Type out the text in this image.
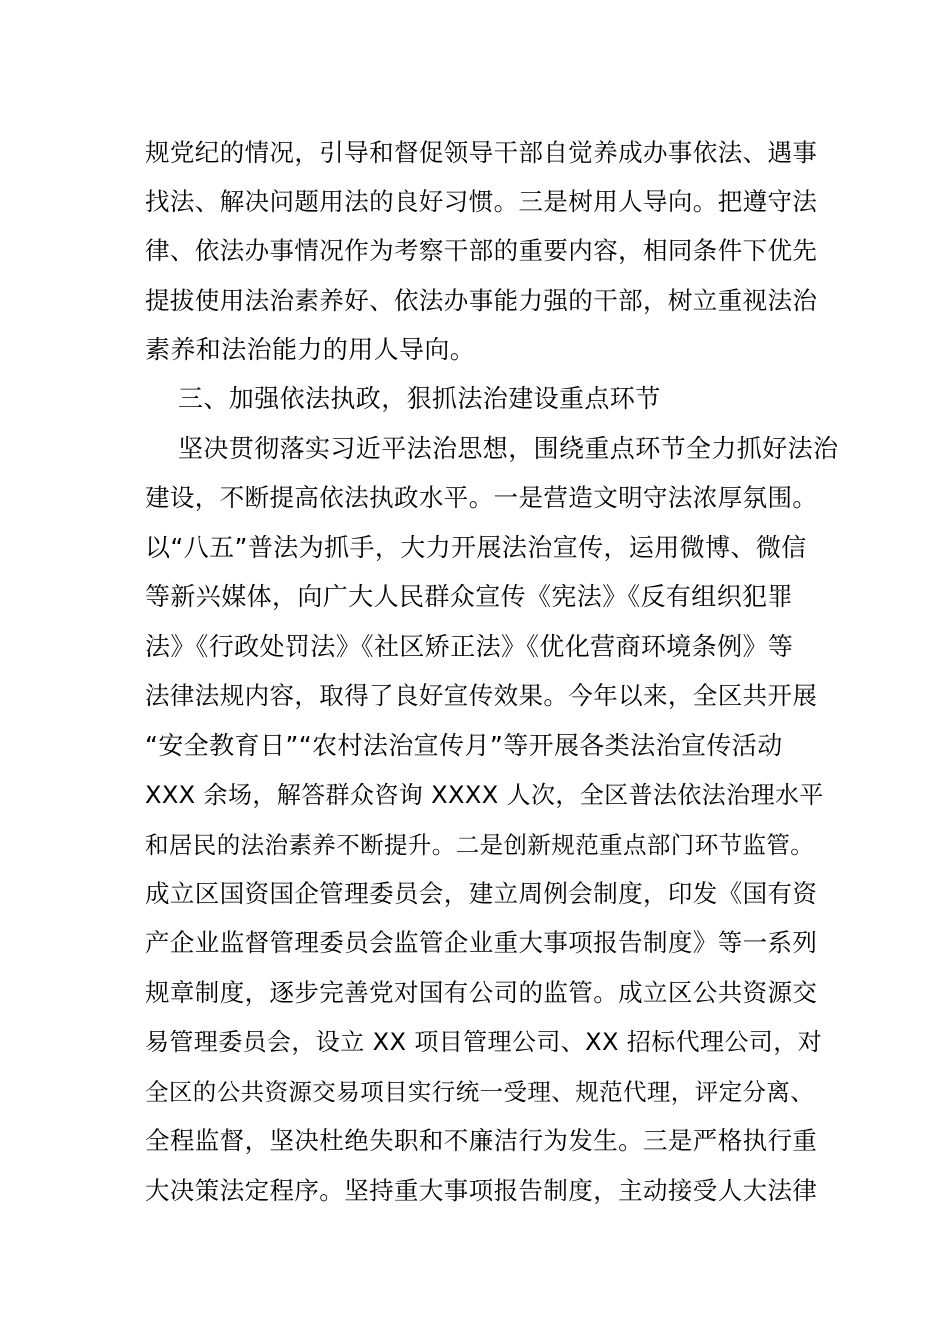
规党纪的情况，引导和督促领导干部自觉养成办事依法、遇事
找法、解决问题用法的良好习惯。三是树用人导向。把遵守法
律、依法办事情况作为考察干部的重要内容，相同条件下优先
提拔使用法治素养好、依法办事能力强的干部，树立重视法治
素养和法治能力的用人导向。
三、加强依法执政，狠抓法治建设重点环节
坚决贯彻落实习近平法治思想，围绕重点环节全力抓好法治
建设，不断提高依法执政水平。一是营造文明守法浓厚氛围。
以“八五”普法为抓手，大力开展法治宣传，运用微博、微信
等新兴媒体，向广大人民群众宣传《宪法》《反有组织犯罪
法》《行政处罚法》《社区矫正法》《优化营商环境条例》等
法律法规内容，取得了良好宣传效果。今年以来，全区共开展
“安全教育日”“农村法治宣传月”等开展各类法治宣传活动
XXX 余场，解答群众咨询 XXXX 人次，全区普法依法治理水平
和居民的法治素养不断提升。二是创新规范重点部门环节监管。
成立区国资国企管理委员会，建立周例会制度，印发《国有资
产企业监督管理委员会监管企业重大事项报告制度》等一系列
规章制度，逐步完善党对国有公司的监管。成立区公共资源交
易管理委员会，设立 XX 项目管理公司、XX 招标代理公司，对
全区的公共资源交易项目实行统一受理、规范代理，评定分离、
全程监督，坚决杜绝失职和不廉洁行为发生。三是严格执行重
大决策法定程序。坚持重大事项报告制度，主动接受人大法律
